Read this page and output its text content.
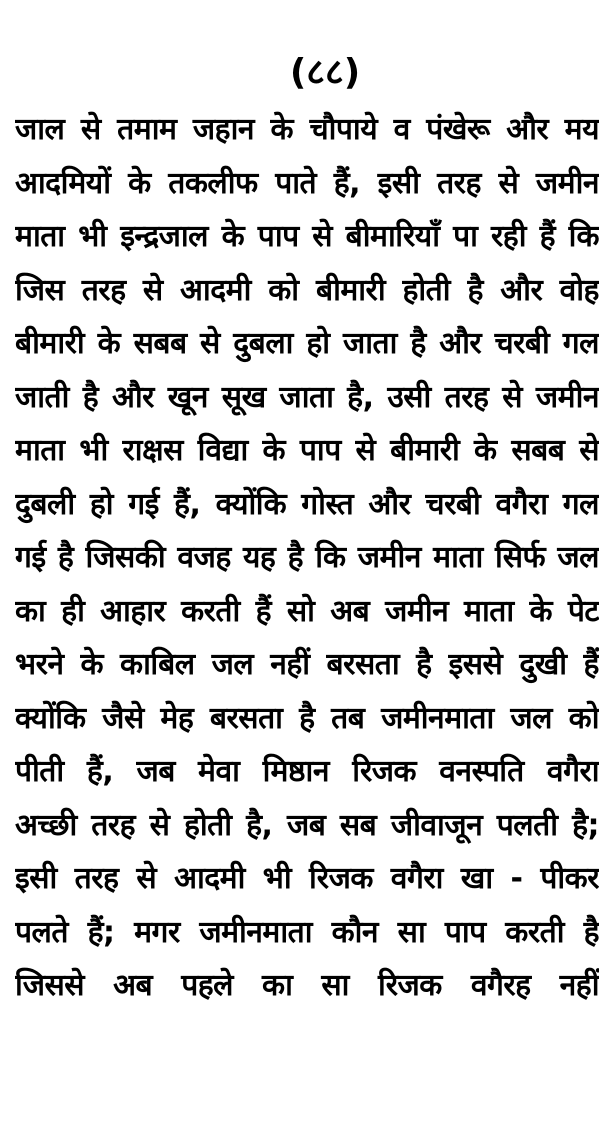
(८८)
जाल से तमाम जहान के चौपाये व पंखेरू और मय
आदमियों के तकलीफ पाते हैं, इसी तरह से जमीन
माता भी इन्द्रजाल के पाप से बीमारियाँ पा रही हैं कि
जिस तरह से आदमी को बीमारी होती है और वोह
बीमारी के सबब से दुबला हो जाता है और चरबी गल
जाती है और खून सूख जाता है, उसी तरह से जमीन
माता भी राक्षस विद्या के पाप से बीमारी के सबब से
दुबली हो गई हैं, क्योंकि गोस्त और चरबी वगैरा गल
गई है जिसकी वजह यह है कि जमीन माता सिर्फ जल
का ही आहार करती हैं सो अब जमीन माता के पेट
भरने के काबिल जल नहीं बरसता है इससे दुखी हैं
क्योंकि जैसे मेह बरसता है तब जमीनमाता जल को
पीती हैं, जब मेवा मिष्ठान रिजक वनस्पति वगैरा
अच्छी तरह से होती है, जब सब जीवाजून पलती है;
इसी तरह से आदमी भी रिजक वगैरा खा - पीकर
पलते हैं; मगर जमीनमाता कौन सा पाप करती है
जिससे अब पहले का सा रिजक वगैरह नहीं
